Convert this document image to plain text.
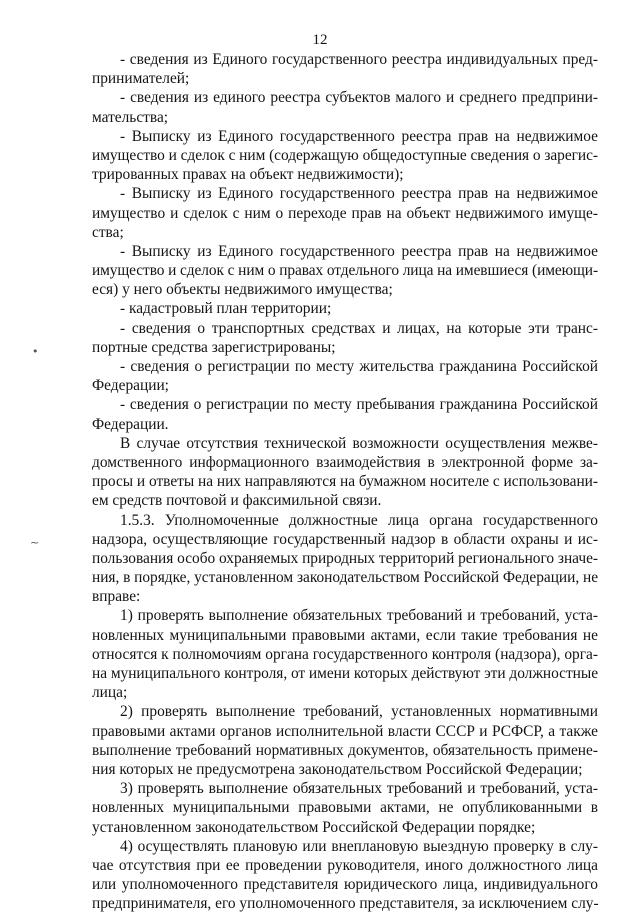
12
•
~
- сведения из Единого государственного реестра индивидуальных пред-
принимателей;
- сведения из единого реестра субъектов малого и среднего предприни-
мательства;
- Выписку из Единого государственного реестра прав на недвижимое
имущество и сделок с ним (содержащую общедоступные сведения о зарегис-
трированных правах на объект недвижимости);
- Выписку из Единого государственного реестра прав на недвижимое
имущество и сделок с ним о переходе прав на объект недвижимого имуще-
ства;
- Выписку из Единого государственного реестра прав на недвижимое
имущество и сделок с ним о правах отдельного лица на имевшиеся (имеющи-
еся) у него объекты недвижимого имущества;
- кадастровый план территории;
- сведения о транспортных средствах и лицах, на которые эти транс-
портные средства зарегистрированы;
- сведения о регистрации по месту жительства гражданина Российской
Федерации;
- сведения о регистрации по месту пребывания гражданина Российской
Федерации.
В случае отсутствия технической возможности осуществления межве-
домственного информационного взаимодействия в электронной форме за-
просы и ответы на них направляются на бумажном носителе с использовани-
ем средств почтовой и факсимильной связи.
1.5.3. Уполномоченные должностные лица органа государственного
надзора, осуществляющие государственный надзор в области охраны и ис-
пользования особо охраняемых природных территорий регионального значе-
ния, в порядке, установленном законодательством Российской Федерации, не
вправе:
1) проверять выполнение обязательных требований и требований, уста-
новленных муниципальными правовыми актами, если такие требования не
относятся к полномочиям органа государственного контроля (надзора), орга-
на муниципального контроля, от имени которых действуют эти должностные
лица;
2) проверять выполнение требований, установленных нормативными
правовыми актами органов исполнительной власти СССР и РСФСР, а также
выполнение требований нормативных документов, обязательность примене-
ния которых не предусмотрена законодательством Российской Федерации;
3) проверять выполнение обязательных требований и требований, уста-
новленных муниципальными правовыми актами, не опубликованными в
установленном законодательством Российской Федерации порядке;
4) осуществлять плановую или внеплановую выездную проверку в слу-
чае отсутствия при ее проведении руководителя, иного должностного лица
или уполномоченного представителя юридического лица, индивидуального
предпринимателя, его уполномоченного представителя, за исключением слу-
